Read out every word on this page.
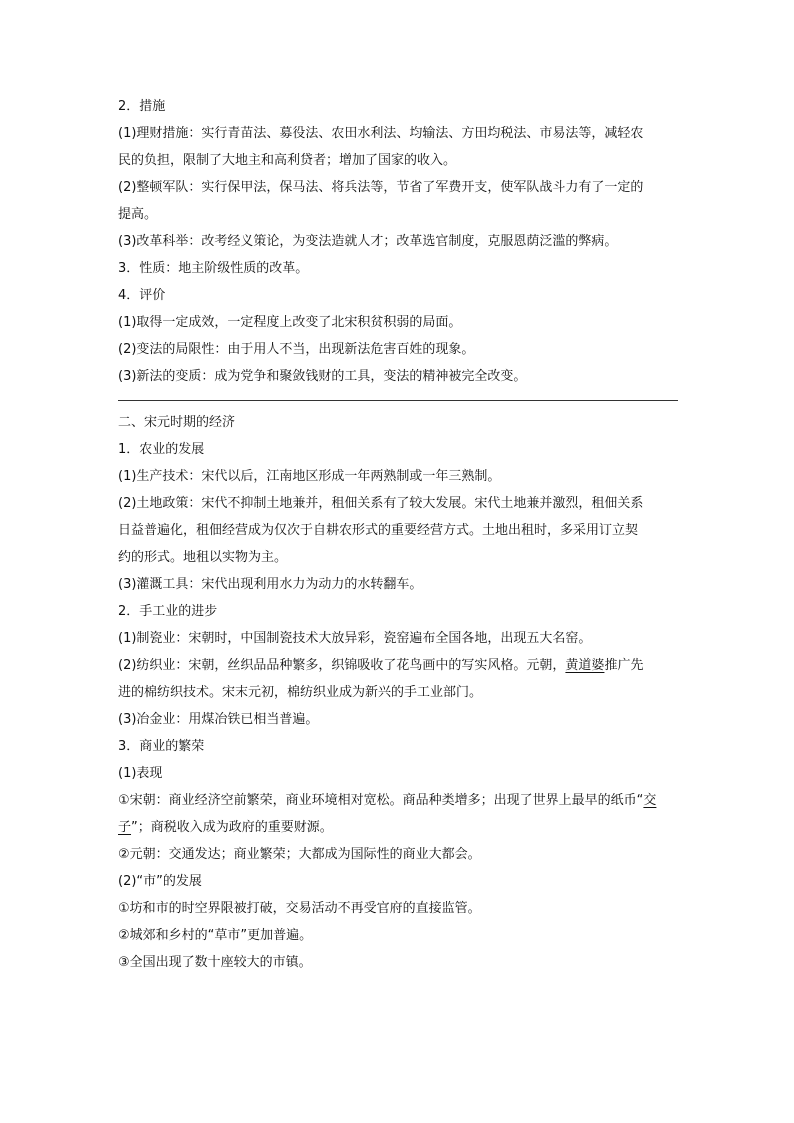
2．措施
(1)理财措施：实行青苗法、募役法、农田水利法、均输法、方田均税法、市易法等，减轻农
民的负担，限制了大地主和高利贷者；增加了国家的收入。
(2)整顿军队：实行保甲法，保马法、将兵法等，节省了军费开支，使军队战斗力有了一定的
提高。
(3)改革科举：改考经义策论，为变法造就人才；改革选官制度，克服恩荫泛滥的弊病。
3．性质：地主阶级性质的改革。
4．评价
(1)取得一定成效，一定程度上改变了北宋积贫积弱的局面。
(2)变法的局限性：由于用人不当，出现新法危害百姓的现象。
(3)新法的变质：成为党争和聚敛钱财的工具，变法的精神被完全改变。
二、宋元时期的经济
1．农业的发展
(1)生产技术：宋代以后，江南地区形成一年两熟制或一年三熟制。
(2)土地政策：宋代不抑制土地兼并，租佃关系有了较大发展。宋代土地兼并激烈，租佃关系
日益普遍化，租佃经营成为仅次于自耕农形式的重要经营方式。土地出租时，多采用订立契
约的形式。地租以实物为主。
(3)灌溉工具：宋代出现利用水力为动力的水转翻车。
2．手工业的进步
(1)制瓷业：宋朝时，中国制瓷技术大放异彩，瓷窑遍布全国各地，出现五大名窑。
(2)纺织业：宋朝，丝织品品种繁多，织锦吸收了花鸟画中的写实风格。元朝，黄道婆推广先
进的棉纺织技术。宋末元初，棉纺织业成为新兴的手工业部门。
(3)冶金业：用煤冶铁已相当普遍。
3．商业的繁荣
(1)表现
①宋朝：商业经济空前繁荣，商业环境相对宽松。商品种类增多；出现了世界上最早的纸币“交
子”；商税收入成为政府的重要财源。
②元朝：交通发达；商业繁荣；大都成为国际性的商业大都会。
(2)“市”的发展
①坊和市的时空界限被打破，交易活动不再受官府的直接监管。
②城郊和乡村的“草市”更加普遍。
③全国出现了数十座较大的市镇。
